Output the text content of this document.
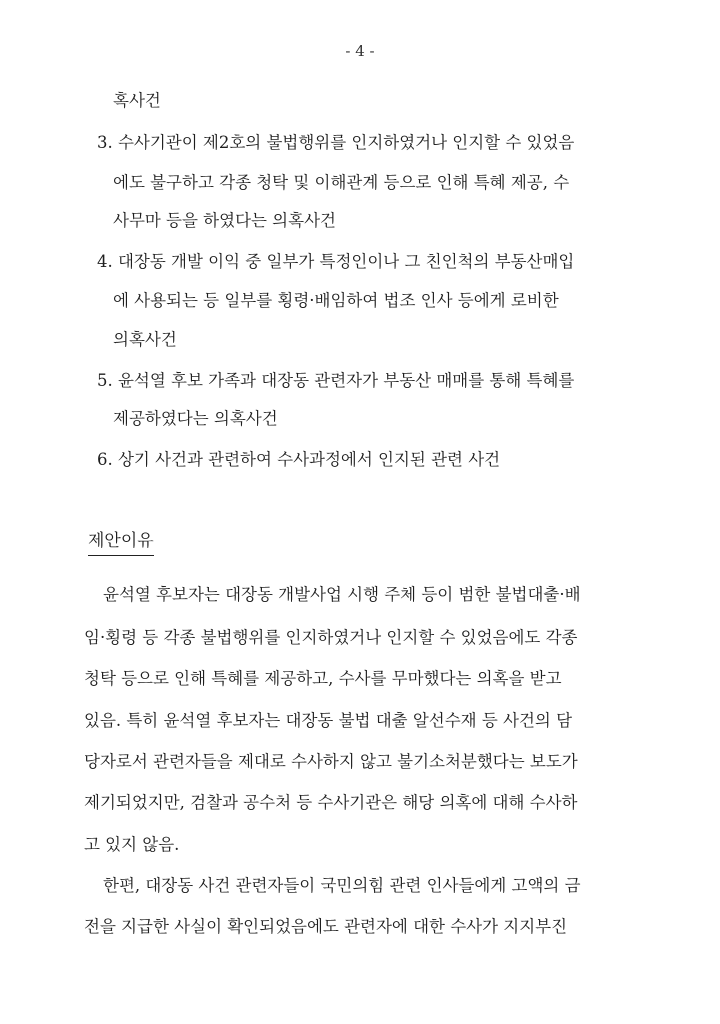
- 4 -
혹사건
3. 수사기관이 제2호의 불법행위를 인지하였거나 인지할 수 있었음
에도 불구하고 각종 청탁 및 이해관계 등으로 인해 특혜 제공, 수
사무마 등을 하였다는 의혹사건
4. 대장동 개발 이익 중 일부가 특정인이나 그 친인척의 부동산매입
에 사용되는 등 일부를 횡령·배임하여 법조 인사 등에게 로비한
의혹사건
5. 윤석열 후보 가족과 대장동 관련자가 부동산 매매를 통해 특혜를
제공하였다는 의혹사건
6. 상기 사건과 관련하여 수사과정에서 인지된 관련 사건
제안이유
윤석열 후보자는 대장동 개발사업 시행 주체 등이 범한 불법대출·배
임·횡령 등 각종 불법행위를 인지하였거나 인지할 수 있었음에도 각종
청탁 등으로 인해 특혜를 제공하고, 수사를 무마했다는 의혹을 받고
있음. 특히 윤석열 후보자는 대장동 불법 대출 알선수재 등 사건의 담
당자로서 관련자들을 제대로 수사하지 않고 불기소처분했다는 보도가
제기되었지만, 검찰과 공수처 등 수사기관은 해당 의혹에 대해 수사하
고 있지 않음.
한편, 대장동 사건 관련자들이 국민의힘 관련 인사들에게 고액의 금
전을 지급한 사실이 확인되었음에도 관련자에 대한 수사가 지지부진
